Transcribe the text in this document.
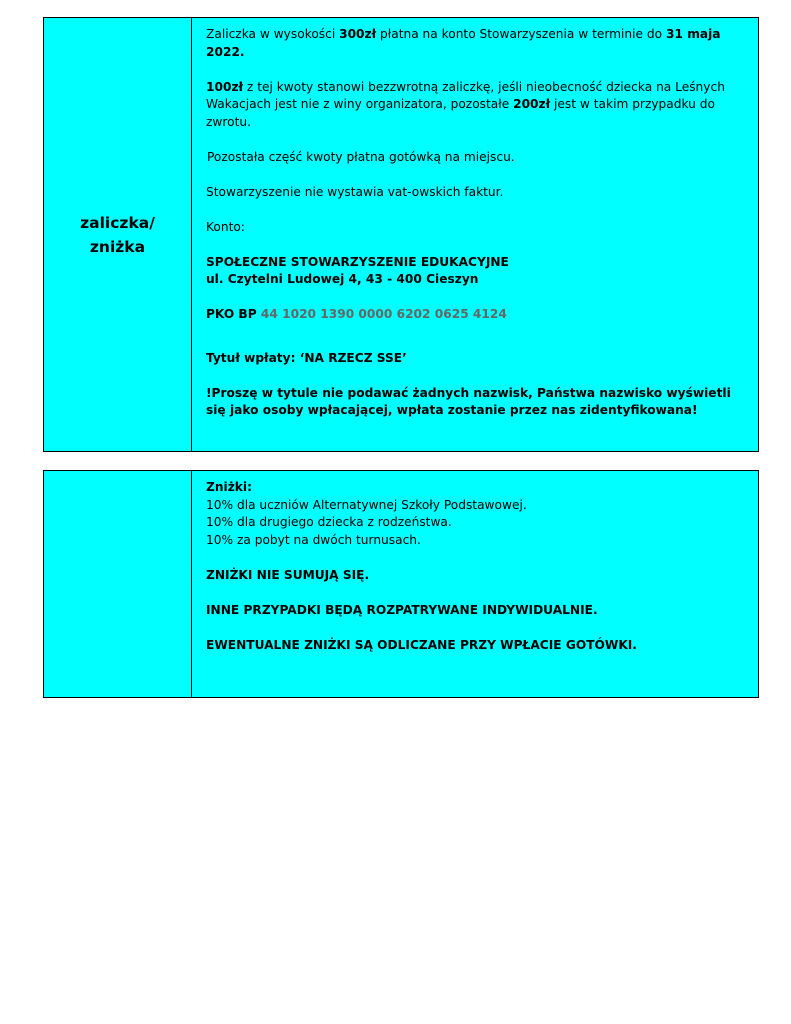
zaliczka/ zniżka

Zaliczka w wysokości 300zł płatna na konto Stowarzyszenia w terminie do 31 maja 2022.

100zł z tej kwoty stanowi bezzwrotną zaliczkę, jeśli nieobecność dziecka na Leśnych Wakacjach jest nie z winy organizatora, pozostałe 200zł jest w takim przypadku do zwrotu.

Pozostała część kwoty płatna gotówką na miejscu.

Stowarzyszenie nie wystawia vat-owskich faktur.

Konto:

SPOŁECZNE STOWARZYSZENIE EDUKACYJNE

ul. Czytelni Ludowej 4, 43 - 400 Cieszyn

PKO BP 44 1020 1390 0000 6202 0625 4124

Tytuł wpłaty: ‘NA RZECZ SSE’

!Proszę w tytule nie podawać żadnych nazwisk, Państwa nazwisko wyświetli się jako osoby wpłacającej, wpłata zostanie przez nas zidentyfikowana!

Zniżki:

10% dla uczniów Alternatywnej Szkoły Podstawowej.

10% dla drugiego dziecka z rodzeństwa.

10% za pobyt na dwóch turnusach.

ZNIŻKI NIE SUMUJĄ SIĘ.

INNE PRZYPADKI BĘDĄ ROZPATRYWANE INDYWIDUALNIE.

EWENTUALNE ZNIŻKI SĄ ODLICZANE PRZY WPŁACIE GOTÓWKI.
